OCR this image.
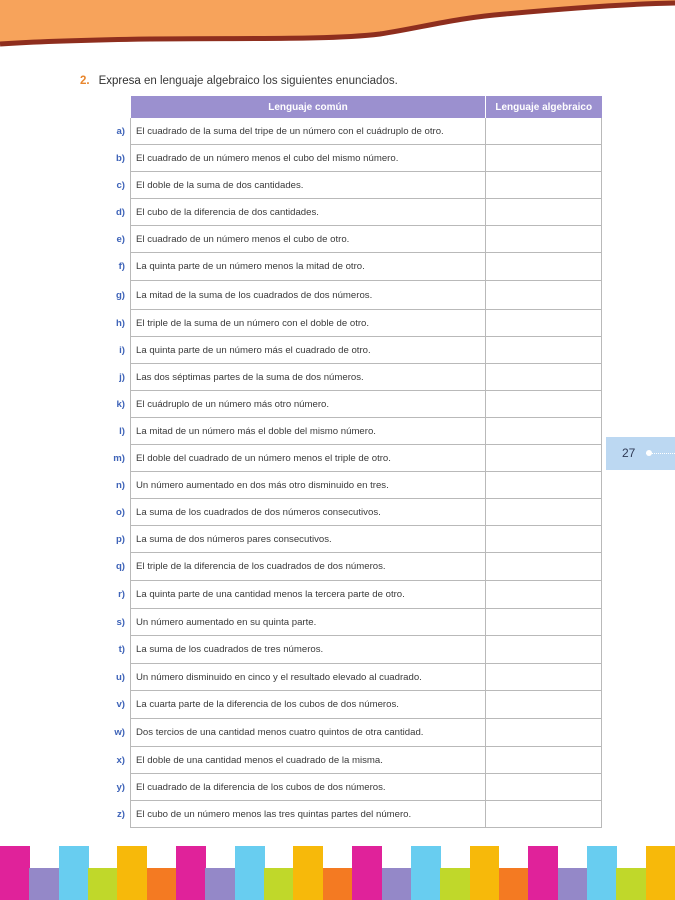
2. Expresa en lenguaje algebraico los siguientes enunciados.
	Lenguaje común	Lenguaje algebraico
a)	El cuadrado de la suma del tripe de un número con el cuádruplo de otro.	
b)	El cuadrado de un número menos el cubo del mismo número.	
c)	El doble de la suma de dos cantidades.	
d)	El cubo de la diferencia de dos cantidades.	
e)	El cuadrado de un número menos el cubo de otro.	
f)	La quinta parte de un número menos la mitad de otro.	
g)	La mitad de la suma de los cuadrados de dos números.	
h)	El triple de la suma de un número con el doble de otro.	
i)	La quinta parte de un número más el cuadrado de otro.	
j)	Las dos séptimas partes de la suma de dos números.	
k)	El cuádruplo de un número más otro número.	
l)	La mitad de un número más el doble del mismo número.	
m)	El doble del cuadrado de un número menos el triple de otro.	
n)	Un número aumentado en dos más otro disminuido en tres.	
o)	La suma de los cuadrados de dos números consecutivos.	
p)	La suma de dos números pares consecutivos.	
q)	El triple de la diferencia de los cuadrados de dos números.	
r)	La quinta parte de una cantidad menos la tercera parte de otro.	
s)	Un número aumentado en su quinta parte.	
t)	La suma de los cuadrados de tres números.	
u)	Un número disminuido en cinco y el resultado elevado al cuadrado.	
v)	La cuarta parte de la diferencia de los cubos de dos números.	
w)	Dos tercios de una cantidad menos cuatro quintos de otra cantidad.	
x)	El doble de una cantidad menos el cuadrado de la misma.	
y)	El cuadrado de la diferencia de los cubos de dos números.	
z)	El cubo de un número menos las tres quintas partes del número.	
27
